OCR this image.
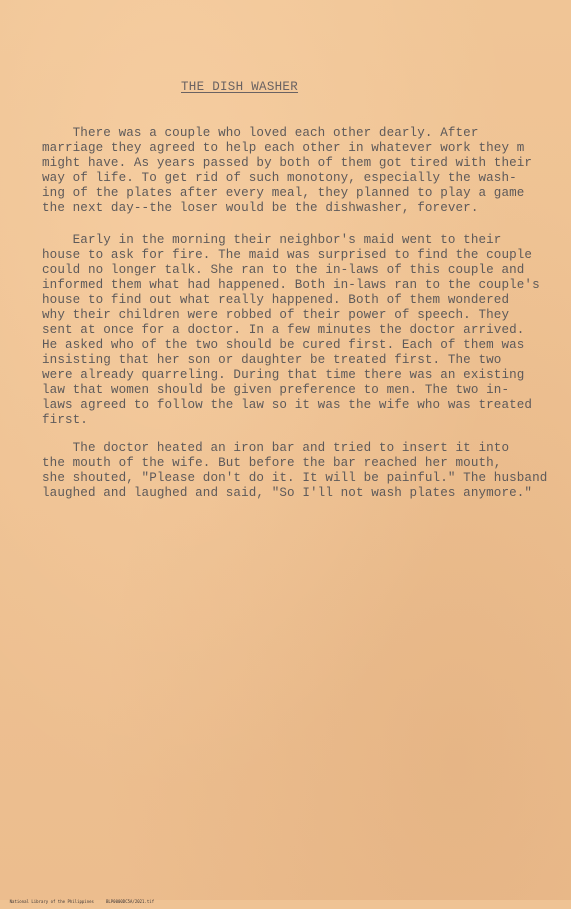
THE DISH WASHER
There was a couple who loved each other dearly. After
marriage they agreed to help each other in whatever work they m
might have. As years passed by both of them got tired with their
way of life. To get rid of such monotony, especially the wash-
ing of the plates after every meal, they planned to play a game
the next day--the loser would be the dishwasher, forever.
Early in the morning their neighbor's maid went to their
house to ask for fire. The maid was surprised to find the couple
could no longer talk. She ran to the in-laws of this couple and
informed them what had happened. Both in-laws ran to the couple's
house to find out what really happened. Both of them wondered
why their children were robbed of their power of speech. They
sent at once for a doctor. In a few minutes the doctor arrived.
He asked who of the two should be cured first. Each of them was
insisting that her son or daughter be treated first. The two
were already quarreling. During that time there was an existing
law that women should be given preference to men. The two in-
laws agreed to follow the law so it was the wife who was treated
first.
The doctor heated an iron bar and tried to insert it into
the mouth of the wife. But before the bar reached her mouth,
she shouted, "Please don't do it. It will be painful." The husband
laughed and laughed and said, "So I'll not wash plates anymore."

National Library of the Philippines	BLP0000DC5A/2021.tif
